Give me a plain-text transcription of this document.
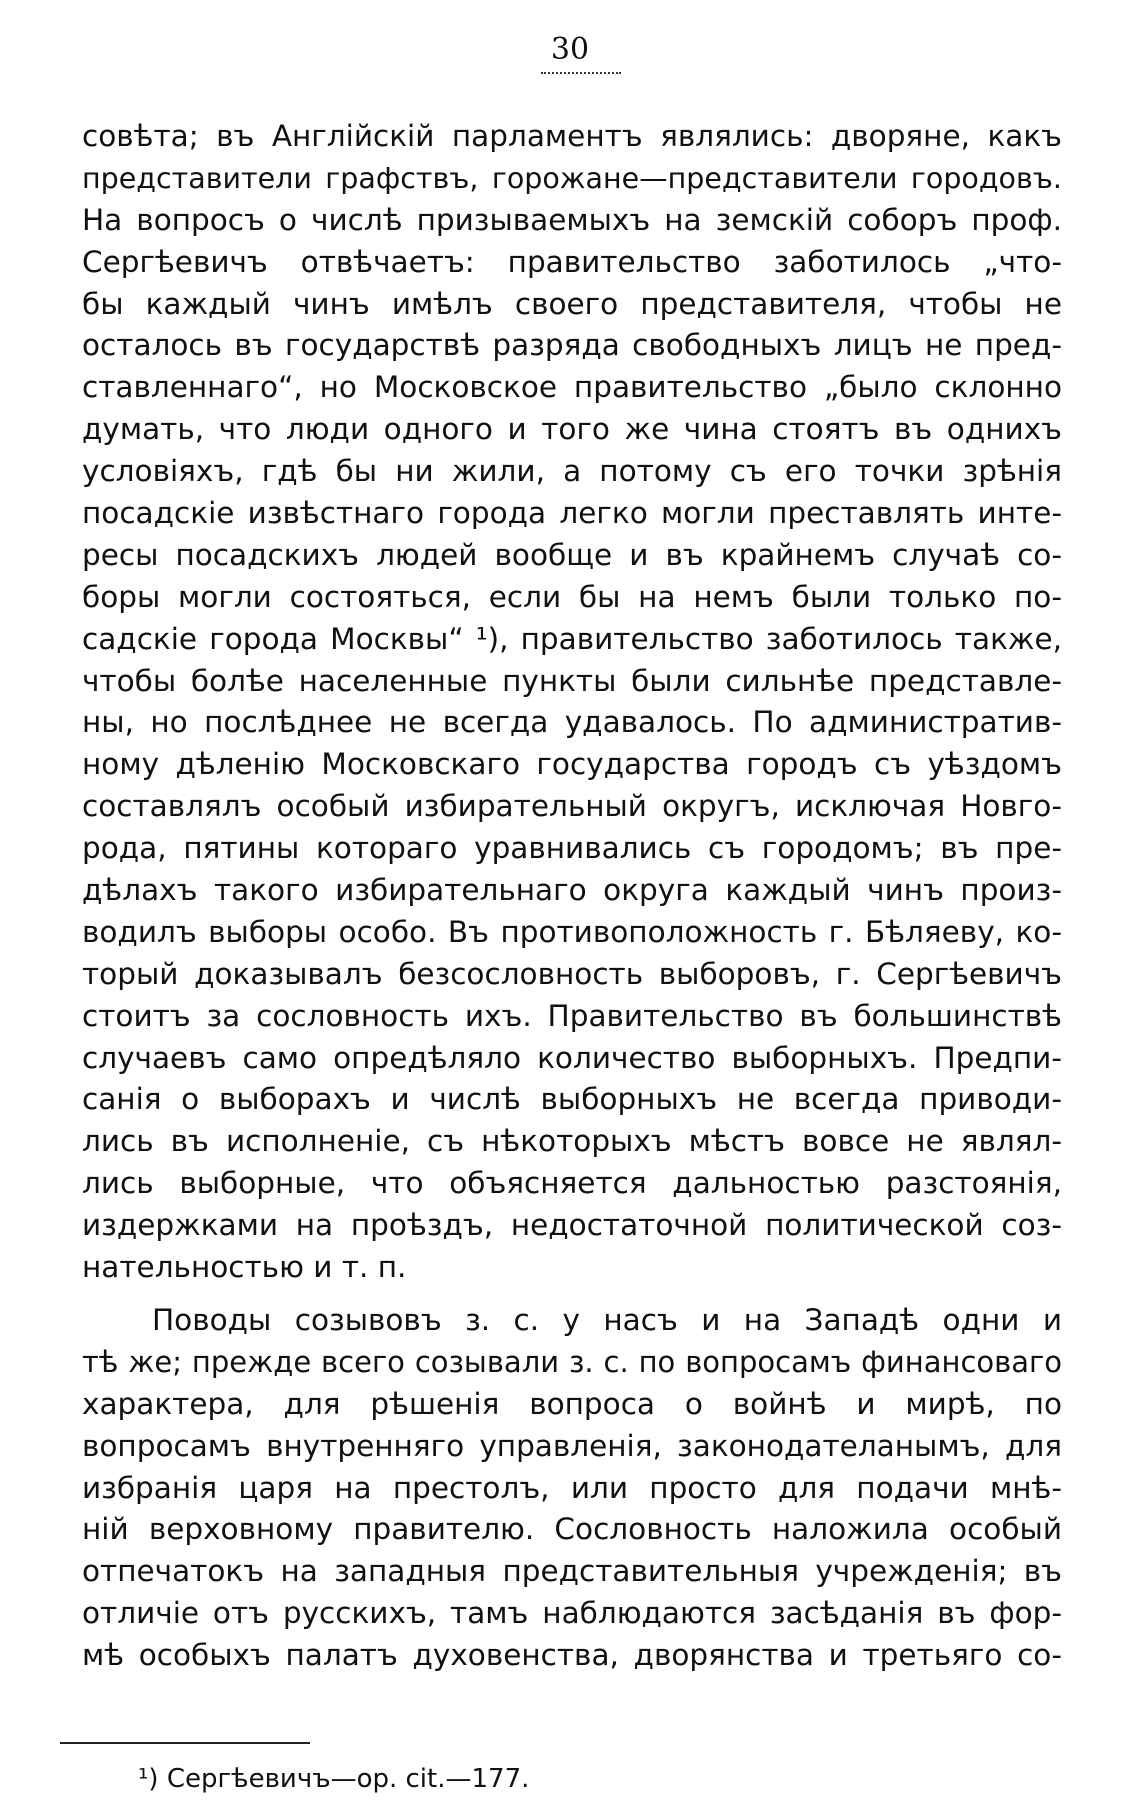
30
совѣта; въ Англійскій парламентъ являлись: дворяне, какъ
представители графствъ, горожане—представители городовъ.
На вопросъ о числѣ призываемыхъ на земскій соборъ проф.
Сергѣевичъ отвѣчаетъ: правительство заботилось „что-
бы каждый чинъ имѣлъ своего представителя, чтобы не
осталось въ государствѣ разряда свободныхъ лицъ не пред-
ставленнаго“, но Московское правительство „было склонно
думать, что люди одного и того же чина стоятъ въ однихъ
условіяхъ, гдѣ бы ни жили, а потому съ его точки зрѣнія
посадскіе извѣстнаго города легко могли преставлять инте-
ресы посадскихъ людей вообще и въ крайнемъ случаѣ со-
боры могли состояться, если бы на немъ были только по-
садскіе города Москвы“ ¹), правительство заботилось также,
чтобы болѣе населенные пункты были сильнѣе представле-
ны, но послѣднее не всегда удавалось. По административ-
ному дѣленію Московскаго государства городъ съ уѣздомъ
составлялъ особый избирательный округъ, исключая Новго-
рода, пятины котораго уравнивались съ городомъ; въ пре-
дѣлахъ такого избирательнаго округа каждый чинъ произ-
водилъ выборы особо. Въ противоположность г. Бѣляеву, ко-
торый доказывалъ безсословность выборовъ, г. Сергѣевичъ
стоитъ за сословность ихъ. Правительство въ большинствѣ
случаевъ само опредѣляло количество выборныхъ. Предпи-
санія о выборахъ и числѣ выборныхъ не всегда приводи-
лись въ исполненіе, съ нѣкоторыхъ мѣстъ вовсе не являл-
лись выборные, что объясняется дальностью разстоянія,
издержками на проѣздъ, недостаточной политической соз-
нательностью и т. п.
Поводы созывовъ з. с. у насъ и на Западѣ одни и
тѣ же; прежде всего созывали з. с. по вопросамъ финансоваго
характера, для рѣшенія вопроса о войнѣ и мирѣ, по
вопросамъ внутренняго управленія, законодателанымъ, для
избранія царя на престолъ, или просто для подачи мнѣ-
ній верховному правителю. Сословность наложила особый
отпечатокъ на западныя представительныя учрежденія; въ
отличіе отъ русскихъ, тамъ наблюдаются засѣданія въ фор-
мѣ особыхъ палатъ духовенства, дворянства и третьяго со-
¹) Сергѣевичъ—op. cit.—177.
